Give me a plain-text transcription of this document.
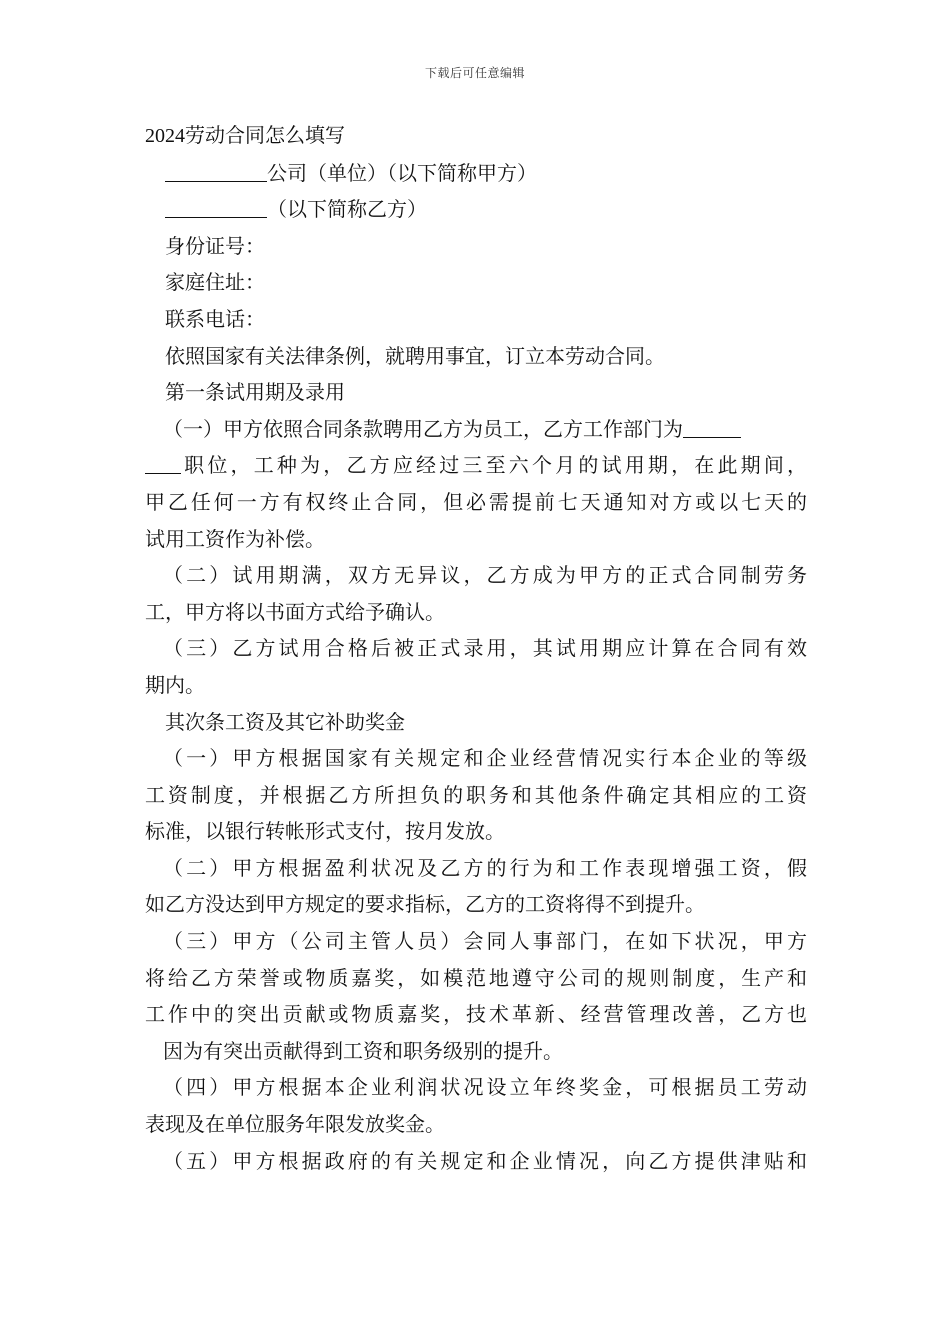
下载后可任意编辑
2024劳动合同怎么填写
公司（单位）（以下简称甲方）
（以下简称乙方）
身份证号：
家庭住址：
联系电话：
依照国家有关法律条例，就聘用事宜，订立本劳动合同。
第一条试用期及录用
（一）甲方依照合同条款聘用乙方为员工，乙方工作部门为
职位，工种为，乙方应经过三至六个月的试用期，在此期间，
甲乙任何一方有权终止合同，但必需提前七天通知对方或以七天的
试用工资作为补偿。
（二）试用期满，双方无异议，乙方成为甲方的正式合同制劳务
工，甲方将以书面方式给予确认。
（三）乙方试用合格后被正式录用，其试用期应计算在合同有效
期内。
其次条工资及其它补助奖金
（一）甲方根据国家有关规定和企业经营情况实行本企业的等级
工资制度，并根据乙方所担负的职务和其他条件确定其相应的工资
标准，以银行转帐形式支付，按月发放。
（二）甲方根据盈利状况及乙方的行为和工作表现增强工资，假
如乙方没达到甲方规定的要求指标，乙方的工资将得不到提升。
（三）甲方（公司主管人员）会同人事部门，在如下状况，甲方
将给乙方荣誉或物质嘉奖，如模范地遵守公司的规则制度，生产和
工作中的突出贡献或物质嘉奖，技术革新、经营管理改善，乙方也
因为有突出贡献得到工资和职务级别的提升。
（四）甲方根据本企业利润状况设立年终奖金，可根据员工劳动
表现及在单位服务年限发放奖金。
（五）甲方根据政府的有关规定和企业情况，向乙方提供津贴和
